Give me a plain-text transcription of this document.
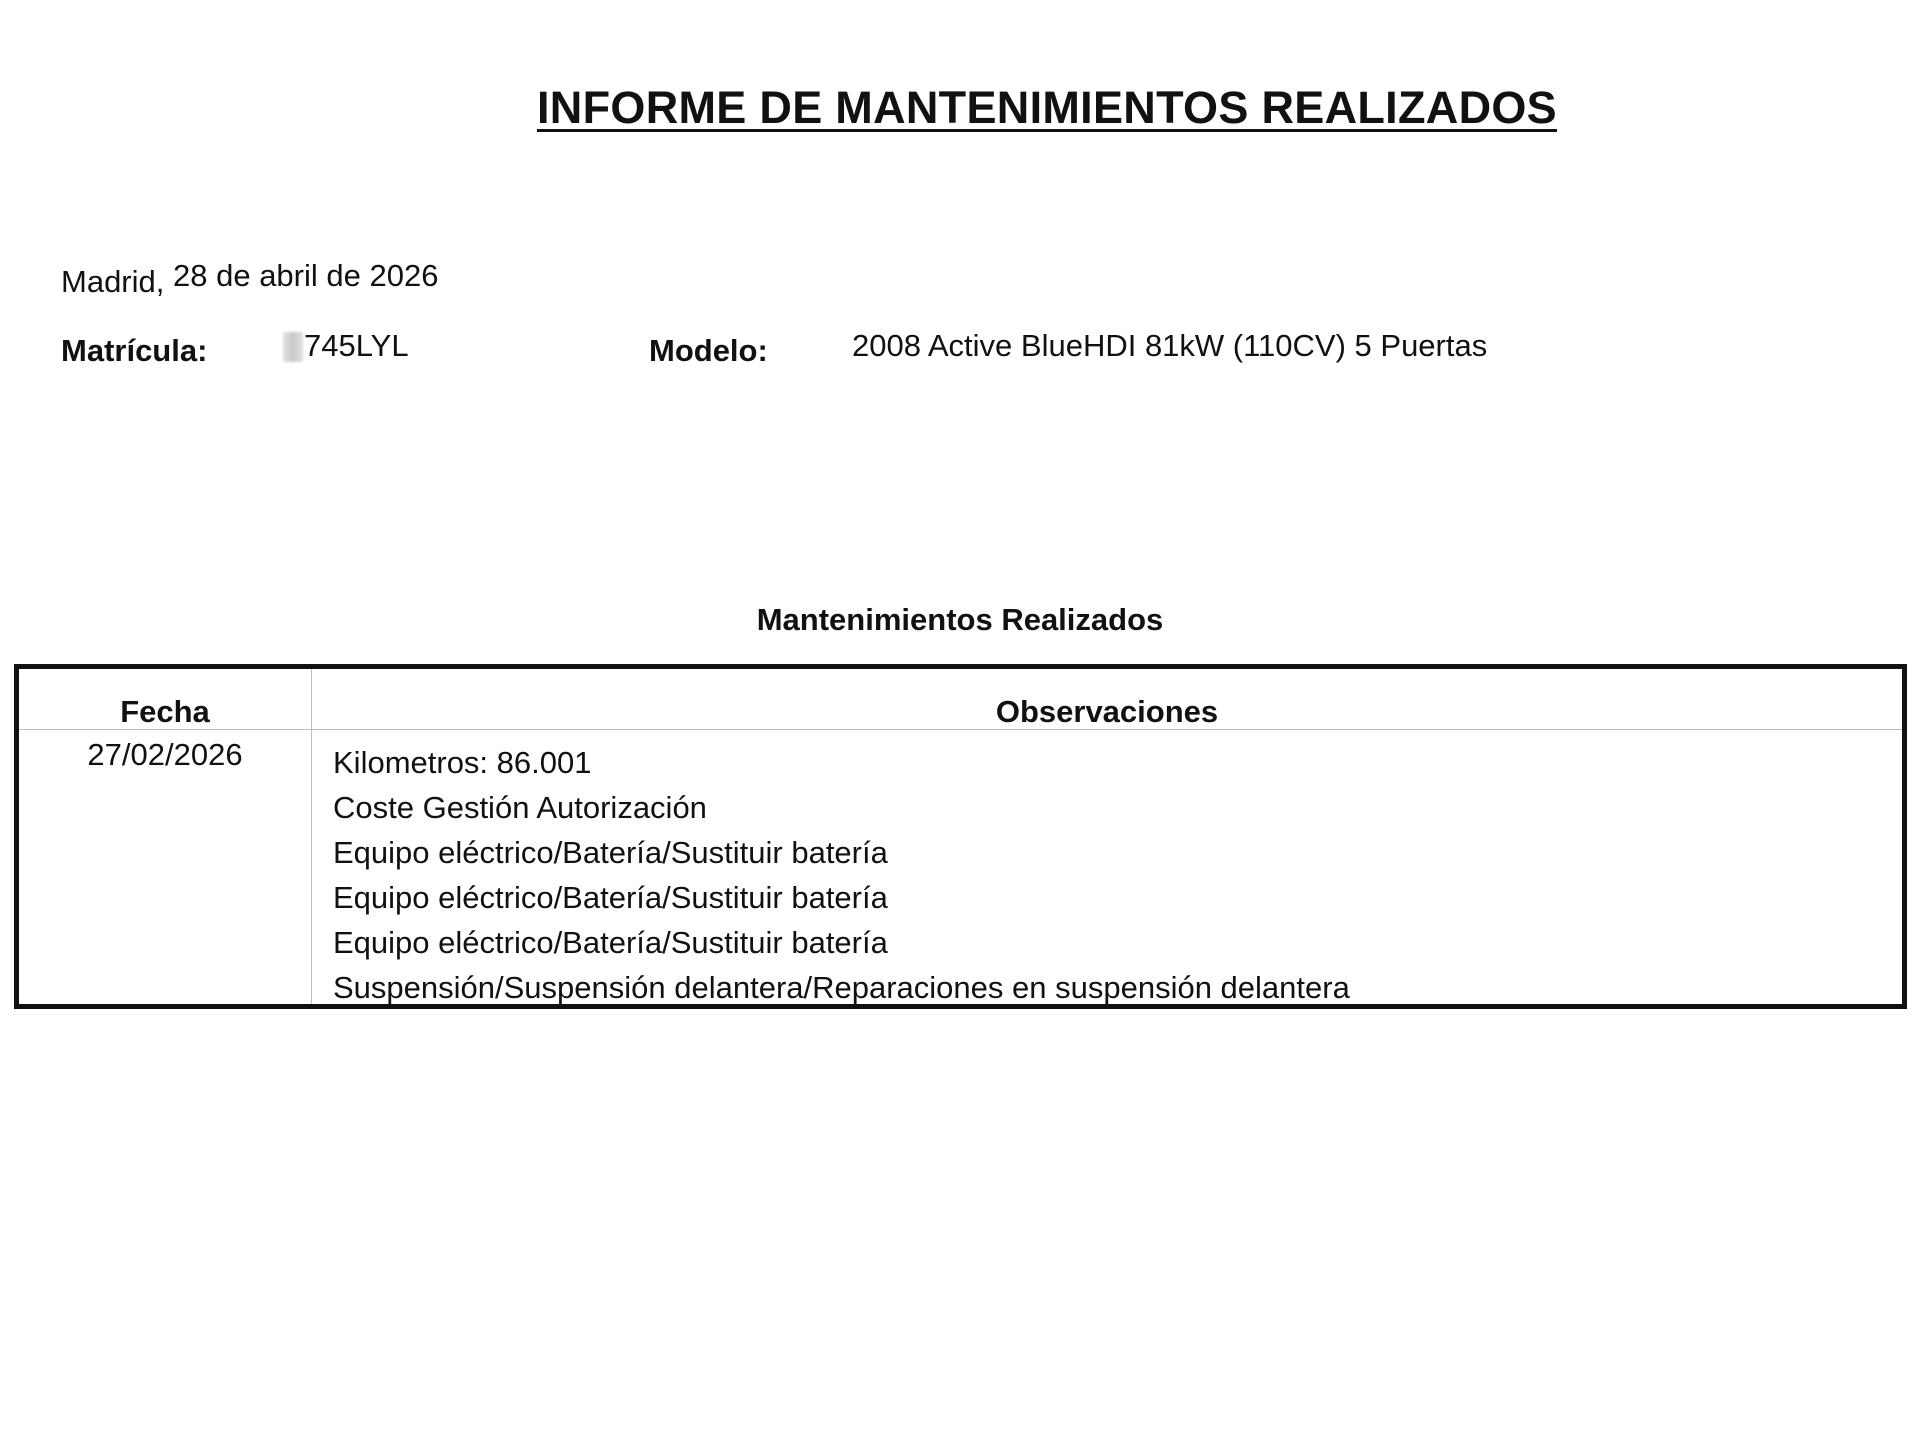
INFORME DE MANTENIMIENTOS REALIZADOS
Madrid, 28 de abril de 2026
Matrícula:	745LYL	Modelo:	2008 Active BlueHDI 81kW (110CV) 5 Puertas
Mantenimientos Realizados
Fecha	Observaciones
27/02/2026	Kilometros: 86.001
Coste Gestión Autorización
Equipo eléctrico/Batería/Sustituir batería
Equipo eléctrico/Batería/Sustituir batería
Equipo eléctrico/Batería/Sustituir batería
Suspensión/Suspensión delantera/Reparaciones en suspensión delantera
